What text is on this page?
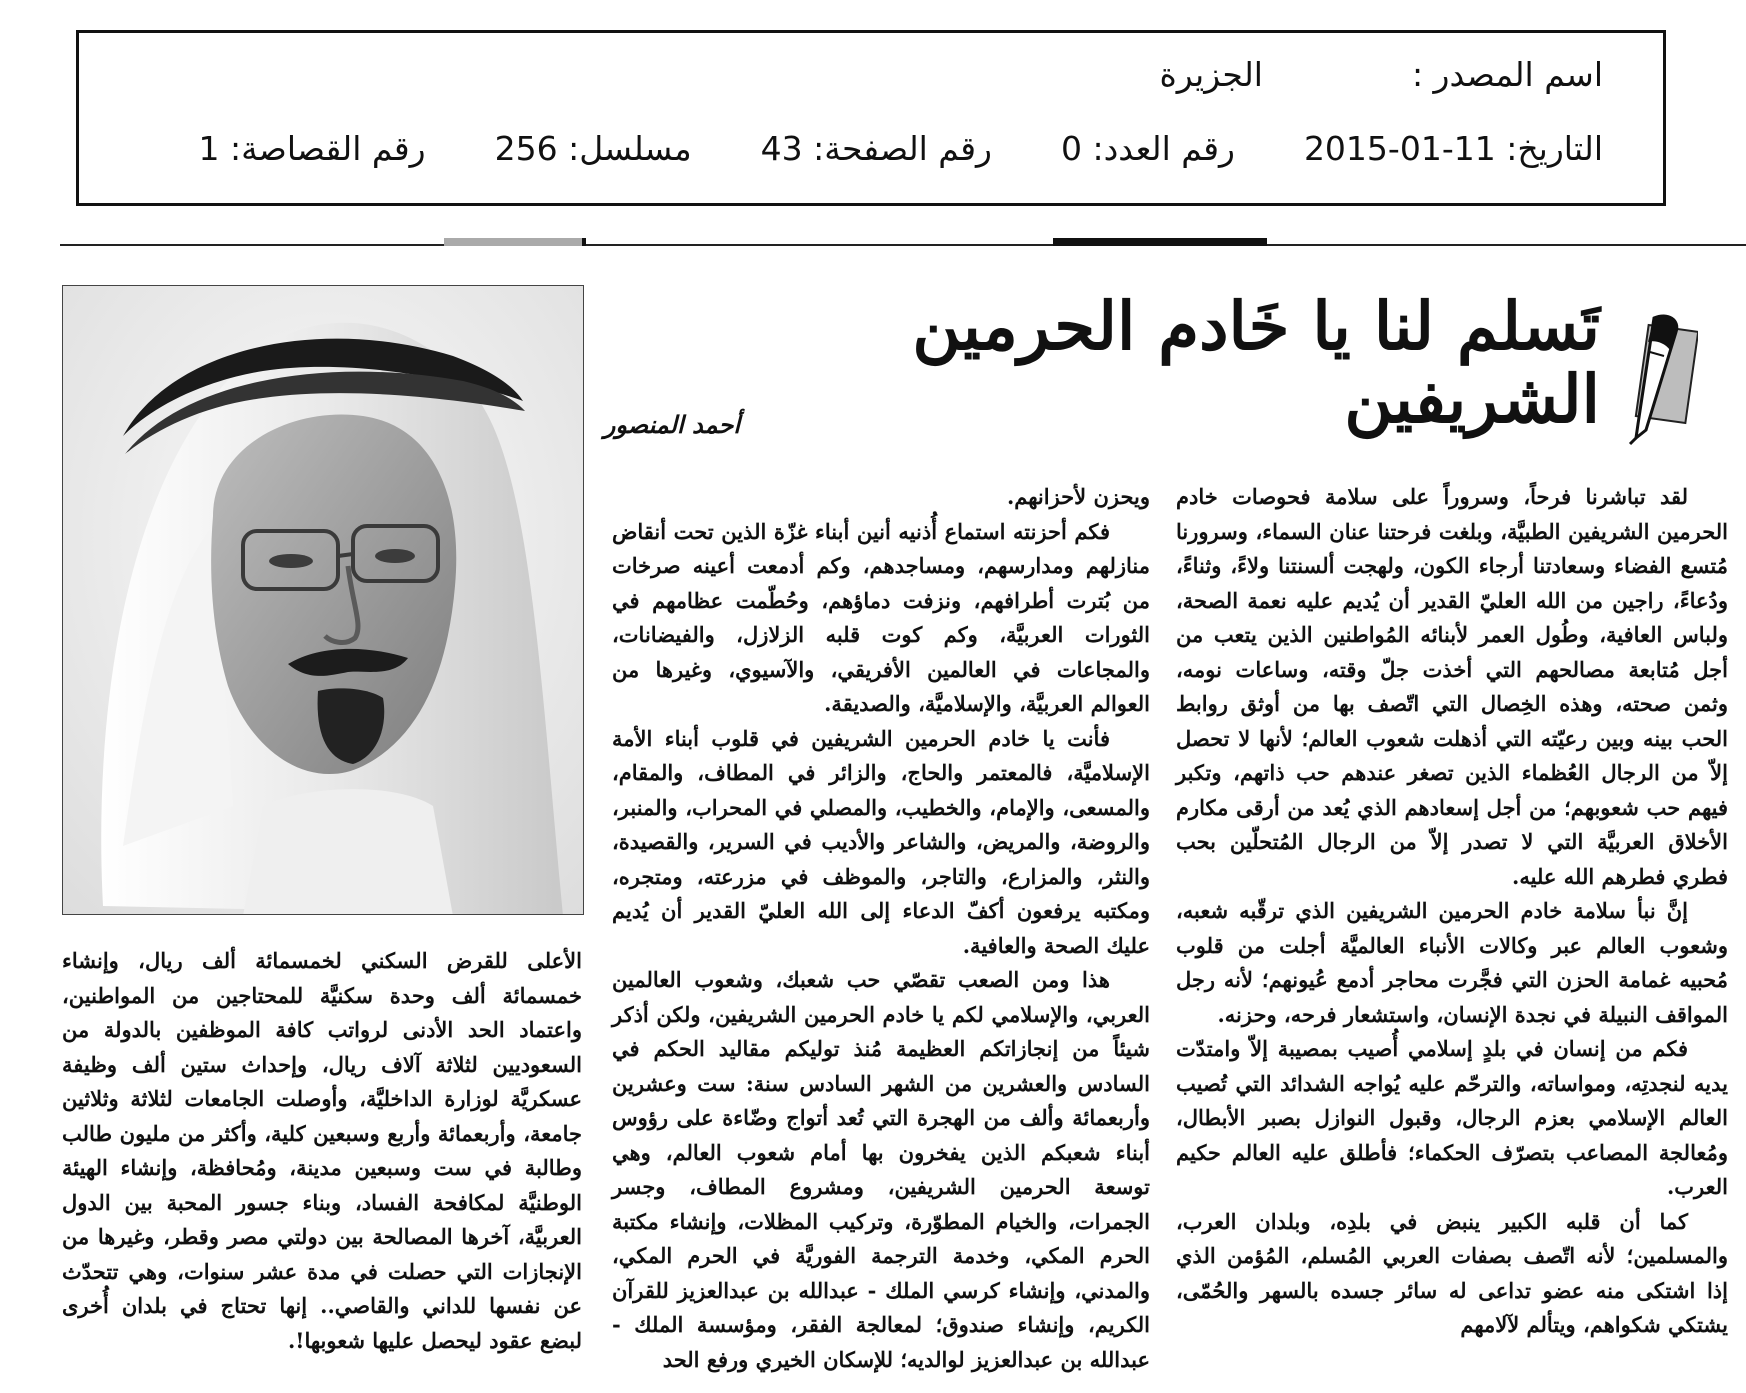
اسم المصدر :  الجزيرة
التاريخ: 2015-01-11  رقم العدد: 0  رقم الصفحة: 43  مسلسل: 256  رقم القصاصة: 1
تَسلم لنا يا خَادم الحرمين الشريفين
أحمد المنصور

لقد تباشرنا فرحاً، وسروراً على سلامة فحوصات خادم الحرمين الشريفين الطبيَّة، وبلغت فرحتنا عنان السماء، وسرورنا مُتسع الفضاء وسعادتنا أرجاء الكون، ولهجت ألسنتنا ولاءً، وثناءً، ودُعاءً، راجين من الله العليّ القدير أن يُديم عليه نعمة الصحة، ولباس العافية، وطُول العمر لأبنائه المُواطنين الذين يتعب من أجل مُتابعة مصالحهم التي أخذت جلّ وقته، وساعات نومه، وثمن صحته، وهذه الخِصال التي اتّصف بها من أوثق روابط الحب بينه وبين رعيّته التي أذهلت شعوب العالم؛ لأنها لا تحصل إلاّ من الرجال العُظماء الذين تصغر عندهم حب ذاتهم، وتكبر فيهم حب شعوبهم؛ من أجل إسعادهم الذي يُعد من أرقى مكارم الأخلاق العربيَّة التي لا تصدر إلاّ من الرجال المُتحلّين بحب فطري فطرهم الله عليه.

إنَّ نبأ سلامة خادم الحرمين الشريفين الذي ترقّبه شعبه، وشعوب العالم عبر وكالات الأنباء العالميَّة أجلت من قلوب مُحبيه غمامة الحزن التي فجَّرت محاجر أدمع عُيونهم؛ لأنه رجل المواقف النبيلة في نجدة الإنسان، واستشعار فرحه، وحزنه.

فكم من إنسان في بلدٍ إسلامي أُصيب بمصيبة إلاّ وامتدّت يديه لنجدتِه، ومواساته، والترحّم عليه يُواجه الشدائد التي تُصيب العالم الإسلامي بعزم الرجال، وقبول النوازل بصبر الأبطال، ومُعالجة المصاعب بتصرّف الحكماء؛ فأطلق عليه العالم حكيم العرب.

كما أن قلبه الكبير ينبض في بلدِه، وبلدان العرب، والمسلمين؛ لأنه اتّصف بصفات العربي المُسلم، المُؤمن الذي إذا اشتكى منه عضو تداعى له سائر جسده بالسهر والحُمّى، يشتكي شكواهم، ويتألم لآلامهم

ويحزن لأحزانهم.

فكم أحزنته استماع أُذنيه أنين أبناء غزّة الذين تحت أنقاض منازلهم ومدارسهم، ومساجدهم، وكم أدمعت أعينه صرخات من بُترت أطرافهم، ونزفت دماؤهم، وحُطّمت عظامهم في الثورات العربيَّة، وكم كوت قلبه الزلازل، والفيضانات، والمجاعات في العالمين الأفريقي، والآسيوي، وغيرها من العوالم العربيَّة، والإسلاميَّة، والصديقة.

فأنت يا خادم الحرمين الشريفين في قلوب أبناء الأمة الإسلاميَّة، فالمعتمر والحاج، والزائر في المطاف، والمقام، والمسعى، والإمام، والخطيب، والمصلي في المحراب، والمنبر، والروضة، والمريض، والشاعر والأديب في السرير، والقصيدة، والنثر، والمزارع، والتاجر، والموظف في مزرعته، ومتجره، ومكتبه يرفعون أكفّ الدعاء إلى الله العليّ القدير أن يُديم عليك الصحة والعافية.

هذا ومن الصعب تقصّي حب شعبك، وشعوب العالمين العربي، والإسلامي لكم يا خادم الحرمين الشريفين، ولكن أذكر شيئاً من إنجازاتكم العظيمة مُنذ توليكم مقاليد الحكم في السادس والعشرين من الشهر السادس سنة: ست وعشرين وأربعمائة وألف من الهجرة التي تُعد أتواج وضّاءة على رؤوس أبناء شعبكم الذين يفخرون بها أمام شعوب العالم، وهي توسعة الحرمين الشريفين، ومشروع المطاف، وجسر الجمرات، والخيام المطوّرة، وتركيب المظلات، وإنشاء مكتبة الحرم المكي، وخدمة الترجمة الفوريَّة في الحرم المكي، والمدني، وإنشاء كرسي الملك - عبدالله بن عبدالعزيز للقرآن الكريم، وإنشاء صندوق؛ لمعالجة الفقر، ومؤسسة الملك - عبدالله بن عبدالعزيز لوالديه؛ للإسكان الخيري ورفع الحد

الأعلى للقرض السكني لخمسمائة ألف ريال، وإنشاء خمسمائة ألف وحدة سكنيَّة للمحتاجين من المواطنين، واعتماد الحد الأدنى لرواتب كافة الموظفين بالدولة من السعوديين لثلاثة آلاف ريال، وإحداث ستين ألف وظيفة عسكريَّة لوزارة الداخليَّة، وأوصلت الجامعات لثلاثة وثلاثين جامعة، وأربعمائة وأربع وسبعين كلية، وأكثر من مليون طالب وطالبة في ست وسبعين مدينة، ومُحافظة، وإنشاء الهيئة الوطنيَّة لمكافحة الفساد، وبناء جسور المحبة بين الدول العربيَّة، آخرها المصالحة بين دولتي مصر وقطر، وغيرها من الإنجازات التي حصلت في مدة عشر سنوات، وهي تتحدّث عن نفسها للداني والقاصي.. إنها تحتاج في بلدان أُخرى لبضع عقود ليحصل عليها شعوبها!.
